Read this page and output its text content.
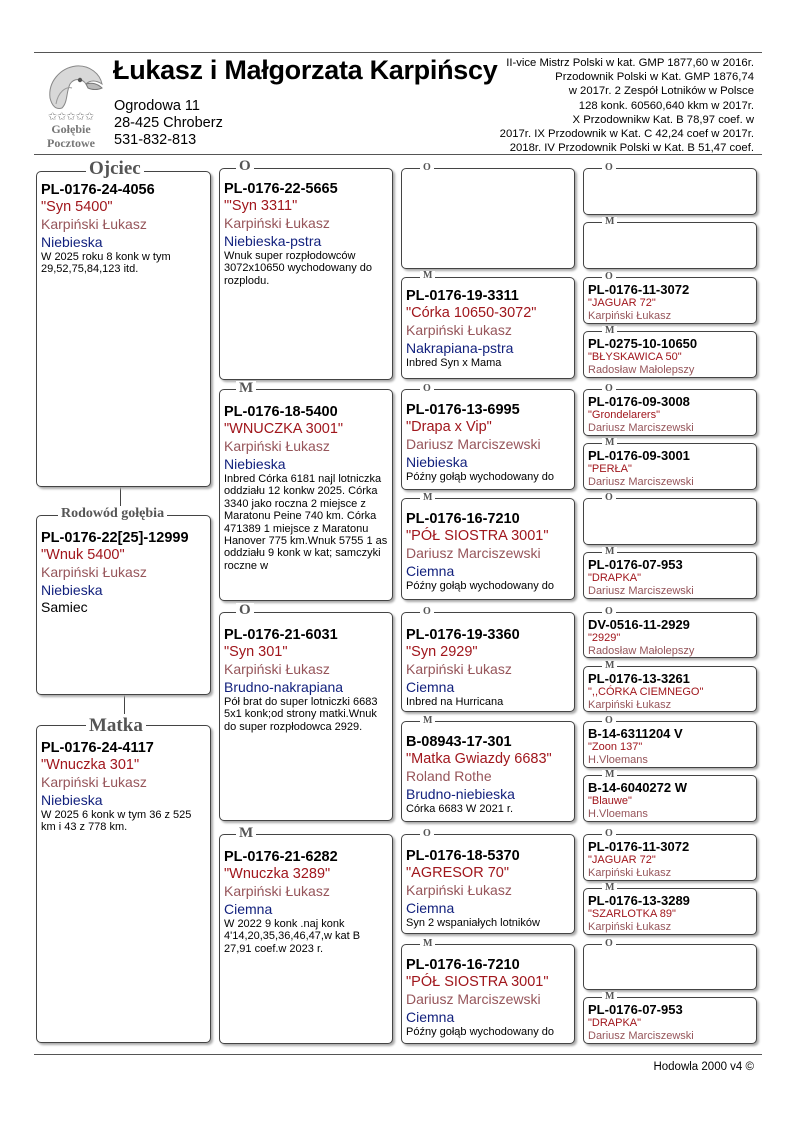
✩✩✩✩✩
Gołębie
Pocztowe
Łukasz i Małgorzata Karpińscy
Ogrodowa 11
28-425 Chroberz
531-832-813
II-vice Mistrz Polski w kat. GMP 1877,60 w 2016r.
Przodownik Polski w Kat. GMP 1876,74
w 2017r. 2 Zespół Lotników w Polsce
128 konk. 60560,640 kkm w 2017r.
X Przodownikw Kat. B 78,97 coef. w
2017r. IX Przodownik w Kat. C 42,24 coef w 2017r.
2018r. IV Przodownik Polski w Kat. B 51,47 coef.
PL-0176-24-4056
"Syn 5400"
Karpiński Łukasz
Niebieska
W 2025 roku 8 konk w tym 29,52,75,84,123 itd.
Ojciec
PL-0176-22[25]-12999
"Wnuk 5400"
Karpiński Łukasz
Niebieska
Samiec
Rodowód gołębia
PL-0176-24-4117
"Wnuczka 301"
Karpiński Łukasz
Niebieska
W 2025 6 konk w tym 36 z 525 km i 43 z 778 km.
Matka
PL-0176-22-5665
"'Syn 3311"
Karpiński Łukasz
Niebieska-pstra
Wnuk super rozpłodowców 3072x10650 wychodowany do rozplodu.
O
PL-0176-18-5400
"WNUCZKA 3001"
Karpiński Łukasz
Niebieska
Inbred Córka 6181 najl lotniczka oddziału 12 konkw 2025. Córka 3340 jako roczna 2 miejsce z Maratonu Peine 740 km. Córka 471389 1 miejsce z Maratonu Hanover 775 km.Wnuk 5755 1 as oddziału 9 konk w kat; samczyki roczne w
M
PL-0176-21-6031
"Syn 301"
Karpiński Łukasz
Brudno-nakrapiana
Pół brat do super lotniczki 6683 5x1 konk;od strony matki.Wnuk do super rozpłodowca 2929.
O
PL-0176-21-6282
"Wnuczka 3289"
Karpiński Łukasz
Ciemna
W 2022 9 konk .naj konk 4'14,20,35,36,46,47,w kat B 27,91 coef.w 2023 r.
M
O
PL-0176-19-3311
"Córka 10650-3072"
Karpiński Łukasz
Nakrapiana-pstra
Inbred Syn x Mama
M
PL-0176-13-6995
"Drapa x Vip"
Dariusz Marciszewski
Niebieska
Późny gołąb wychodowany do
O
PL-0176-16-7210
"PÓŁ SIOSTRA 3001"
Dariusz Marciszewski
Ciemna
Późny gołąb wychodowany do
M
PL-0176-19-3360
"Syn 2929"
Karpiński Łukasz
Ciemna
Inbred na Hurricana
O
B-08943-17-301
"Matka Gwiazdy 6683"
Roland Rothe
Brudno-niebieska
Córka 6683 W 2021 r.
M
PL-0176-18-5370
"AGRESOR 70"
Karpiński Łukasz
Ciemna
Syn 2 wspaniałych lotników
O
PL-0176-16-7210
"PÓŁ SIOSTRA 3001"
Dariusz Marciszewski
Ciemna
Późny gołąb wychodowany do
M
O
M
PL-0176-11-3072
"JAGUAR 72"
Karpiński Łukasz
O
PL-0275-10-10650
"BŁYSKAWICA 50"
Radosław Małolepszy
M
PL-0176-09-3008
"Grondelarers"
Dariusz Marciszewski
O
PL-0176-09-3001
"PERŁA"
Dariusz Marciszewski
M
O
PL-0176-07-953
"DRAPKA"
Dariusz Marciszewski
M
DV-0516-11-2929
"2929"
Radosław Małolepszy
O
PL-0176-13-3261
",,CÓRKA CIEMNEGO"
Karpiński Łukasz
M
B-14-6311204 V
"Zoon 137"
H.Vloemans
O
B-14-6040272 W
"Blauwe"
H.Vloemans
M
PL-0176-11-3072
"JAGUAR 72"
Karpiński Łukasz
O
PL-0176-13-3289
"SZARLOTKA 89"
Karpiński Łukasz
M
O
PL-0176-07-953
"DRAPKA"
Dariusz Marciszewski
M
Hodowla 2000 v4 ©
